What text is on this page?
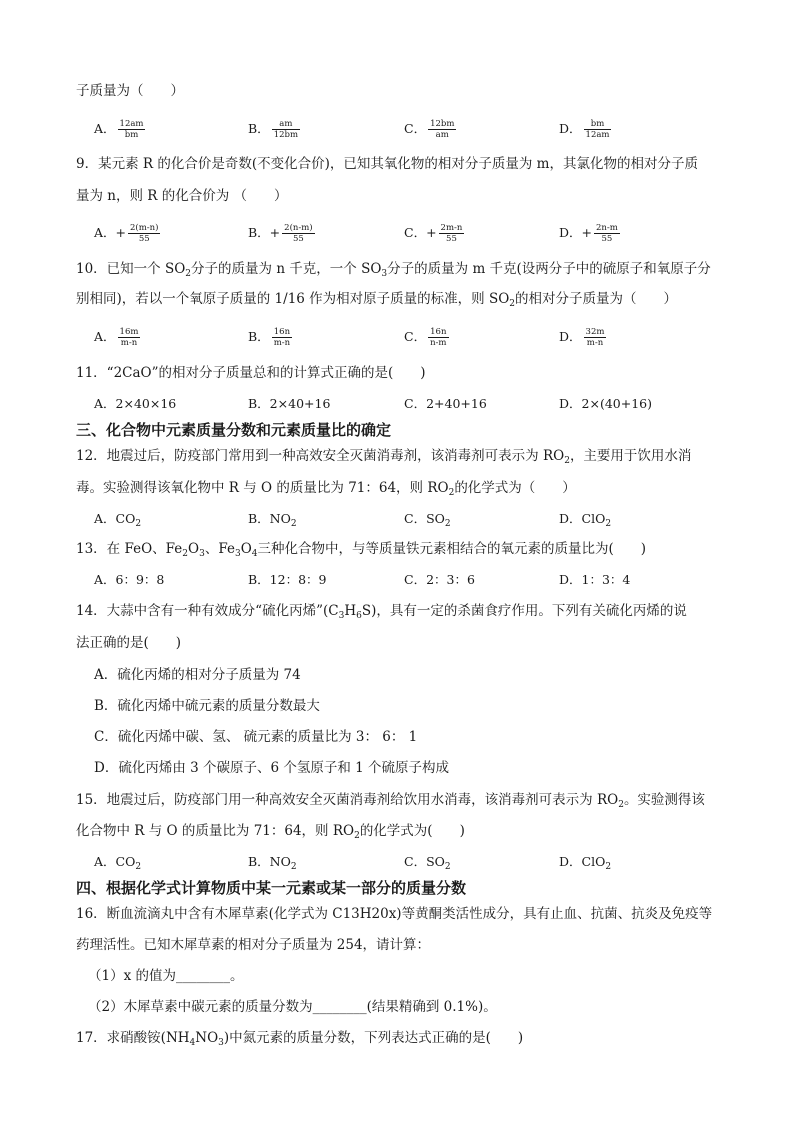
子质量为（　　）
A． $\frac{12am}{bm}$	B． $\frac{am}{12bm}$	C． $\frac{12bm}{am}$	D． $\frac{bm}{12am}$
9．某元素 R 的化合价是奇数(不变化合价)，已知其氧化物的相对分子质量为 m，其氯化物的相对分子质
量为 n，则 R 的化合价为 （　　）
A．+ $\frac{2(m-n)}{55}$	B．+ $\frac{2(n-m)}{55}$	C．+ $\frac{2m-n}{55}$	D．+ $\frac{2n-m}{55}$
10．已知一个 $SO_2$分子的质量为 n 千克，一个 $SO_3$分子的质量为 m 千克(设两分子中的硫原子和氧原子分
别相同)，若以一个氧原子质量的 1/16 作为相对原子质量的标准，则 $SO_2$的相对分子质量为（　　）
A． $\frac{16m}{m-n}$	B． $\frac{16n}{m-n}$	C． $\frac{16n}{n-m}$	D． $\frac{32m}{m-n}$
11．“2CaO”的相对分子质量总和的计算式正确的是(　　)
A．2×40×16	B．2×40+16	C．2+40+16	D．2×(40+16)
三、化合物中元素质量分数和元素质量比的确定
12．地震过后，防疫部门常用到一种高效安全灭菌消毒剂，该消毒剂可表示为 $RO_2$，主要用于饮用水消
毒。实验测得该氧化物中 R 与 O 的质量比为 71：64，则 $RO_2$的化学式为（　　）
A．$CO_2$	B．$NO_2$	C．$SO_2$	D．ClO$_2$
13．在 FeO、$Fe_2O_3$、$Fe_3O_4$三种化合物中，与等质量铁元素相结合的氧元素的质量比为(　　)
A．6：9：8	B．12：8：9	C．2：3：6	D．1：3：4
14．大蒜中含有一种有效成分“硫化丙烯$”(C_3H_6S)$，具有一定的杀菌食疗作用。下列有关硫化丙烯的说
法正确的是(　　)
A．硫化丙烯的相对分子质量为 74
B．硫化丙烯中硫元素的质量分数最大
C．硫化丙烯中碳、氢、 硫元素的质量比为 3： 6： 1
D．硫化丙烯由 3 个碳原子、6 个氢原子和 1 个硫原子构成
15．地震过后，防疫部门用一种高效安全灭菌消毒剂给饮用水消毒，该消毒剂可表示为 $RO_2$。实验测得该
化合物中 R 与 O 的质量比为 71：64，则 $RO_2$的化学式为(　　)
A．$CO_2$	B．$NO_2$	C．$SO_2$	D．ClO$_2$
四、根据化学式计算物质中某一元素或某一部分的质量分数
16．断血流滴丸中含有木犀草素(化学式为 C13H20x)等黄酮类活性成分，具有止血、抗菌、抗炎及免疫等
药理活性。已知木犀草素的相对分子质量为 254，请计算：
（1）x 的值为________。
（2）木犀草素中碳元素的质量分数为________(结果精确到 0.1%)。
17．求硝酸铵$(NH_4NO_3)$中氮元素的质量分数，下列表达式正确的是(　　)
